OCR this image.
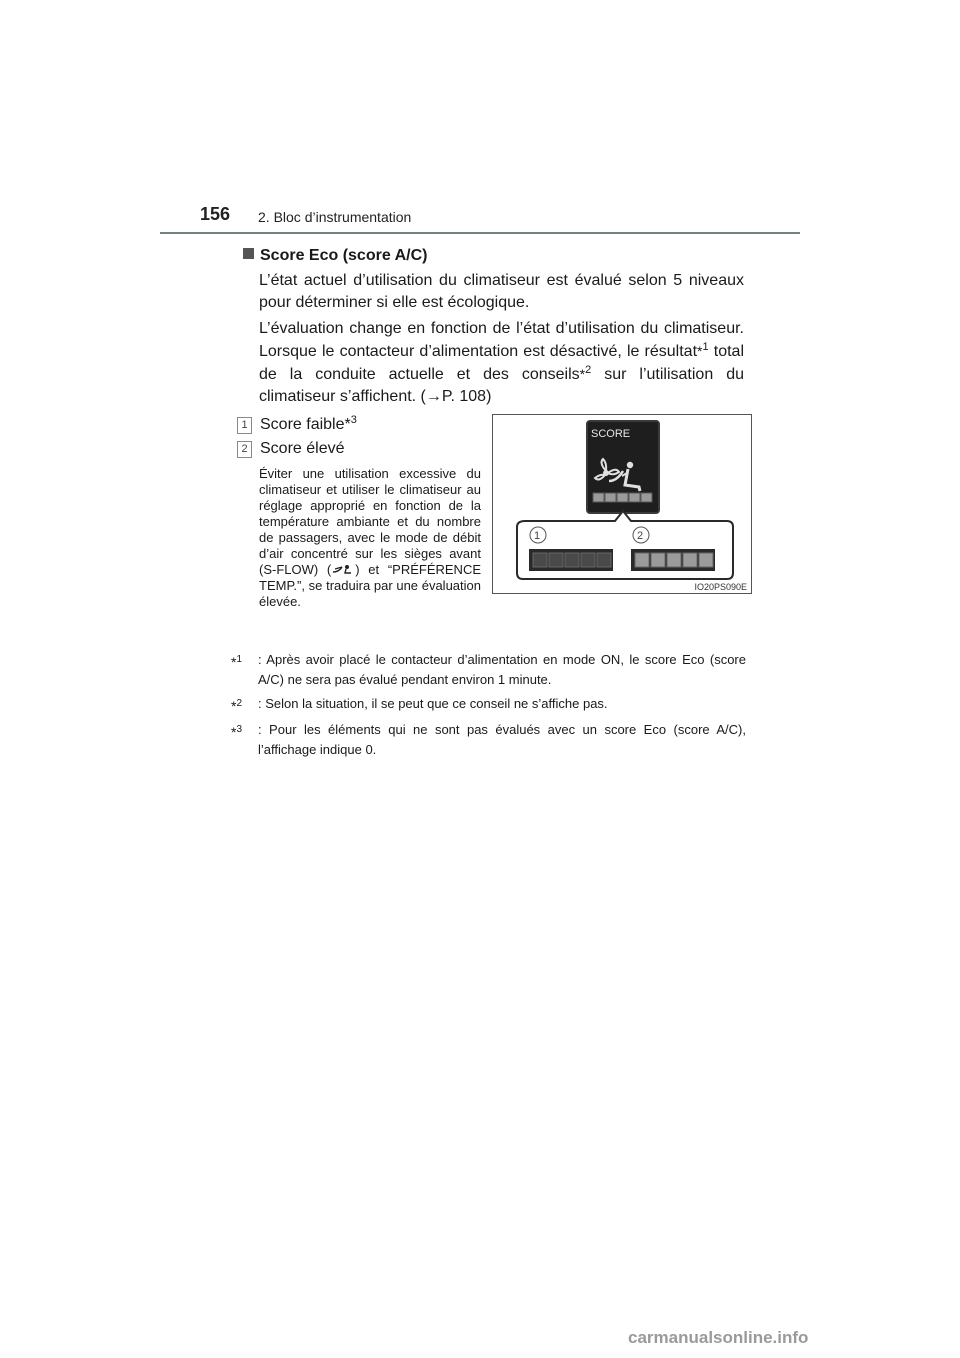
156 2. Bloc d’instrumentation
Score Eco (score A/C)
L’état actuel d’utilisation du climatiseur est évalué selon 5 niveaux pour déterminer si elle est écologique.
L’évaluation change en fonction de l’état d’utilisation du climatiseur. Lorsque le contacteur d’alimentation est désactivé, le résultat*$^1$ total de la conduite actuelle et des conseils*$^2$ sur l’utilisation du climatiseur s’affichent. (→P. 108)
1 Score faible*$^3$
2 Score élevé
Éviter une utilisation excessive du climatiseur et utiliser le climatiseur au réglage approprié en fonction de la température ambiante et du nombre de passagers, avec le mode de débit d’air concentré sur les sièges avant (S-FLOW) ( ) et “PRÉFÉRENCE TEMP.”, se traduira par une évaluation élevée.
SCORE
1	2
IO20PS090E
*$^1$ : Après avoir placé le contacteur d’alimentation en mode ON, le score Eco (score A/C) ne sera pas évalué pendant environ 1 minute.
*$^2$ : Selon la situation, il se peut que ce conseil ne s’affiche pas.
*$^3$ : Pour les éléments qui ne sont pas évalués avec un score Eco (score A/C), l’affichage indique 0.
carmanualsonline.info
